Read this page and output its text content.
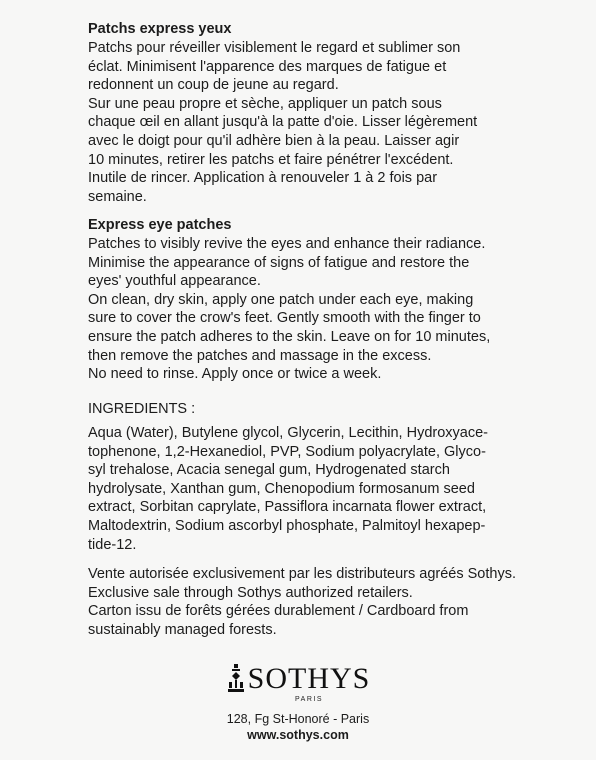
Patchs express yeux

Patchs pour réveiller visiblement le regard et sublimer son

éclat. Minimisent l'apparence des marques de fatigue et

redonnent un coup de jeune au regard.

Sur une peau propre et sèche, appliquer un patch sous

chaque œil en allant jusqu'à la patte d'oie. Lisser légèrement

avec le doigt pour qu'il adhère bien à la peau. Laisser agir

10 minutes, retirer les patchs et faire pénétrer l'excédent.

Inutile de rincer. Application à renouveler 1 à 2 fois par

semaine.

Express eye patches

Patches to visibly revive the eyes and enhance their radiance.

Minimise the appearance of signs of fatigue and restore the

eyes' youthful appearance.

On clean, dry skin, apply one patch under each eye, making

sure to cover the crow's feet. Gently smooth with the finger to

ensure the patch adheres to the skin. Leave on for 10 minutes,

then remove the patches and massage in the excess.

No need to rinse. Apply once or twice a week.

INGREDIENTS :

Aqua (Water), Butylene glycol, Glycerin, Lecithin, Hydroxyace-

tophenone, 1,2-Hexanediol, PVP, Sodium polyacrylate, Glyco-

syl trehalose, Acacia senegal gum, Hydrogenated starch

hydrolysate, Xanthan gum, Chenopodium formosanum seed

extract, Sorbitan caprylate, Passiflora incarnata flower extract,

Maltodextrin, Sodium ascorbyl phosphate, Palmitoyl hexapep-

tide-12.

Vente autorisée exclusivement par les distributeurs agréés Sothys.

Exclusive sale through Sothys authorized retailers.

Carton issu de forêts gérées durablement / Cardboard from

sustainably managed forests.

SOTHYS
PARIS
128, Fg St-Honoré - Paris
www.sothys.com
